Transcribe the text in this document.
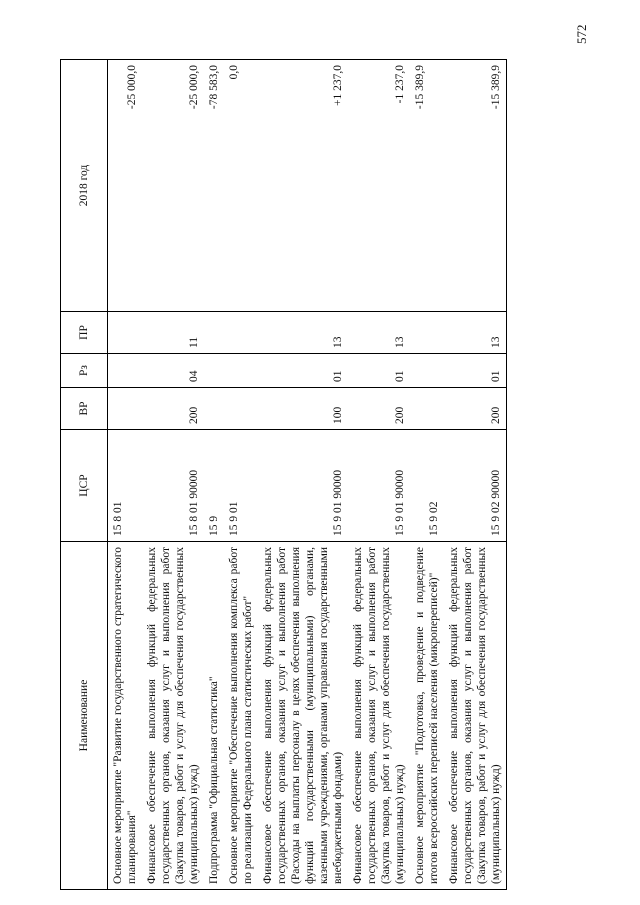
572
Наименование	ЦСР	ВР	Рз	ПР	2018 год
Основное мероприятие "Развитие государственного стратегического планирования"	15 8 01				-25 000,0
Финансовое обеспечение выполнения функций федеральных государственных органов, оказания услуг и выполнения работ (Закупка товаров, работ и услуг для обеспечения государственных (муниципальных) нужд)	15 8 01 90000	200	04	11	-25 000,0
Подпрограмма "Официальная статистика"	15 9				-78 583,0
Основное мероприятие "Обеспечение выполнения комплекса работ по реализации Федерального плана статистических работ"	15 9 01				0,0
Финансовое обеспечение выполнения функций федеральных государственных органов, оказания услуг и выполнения работ (Расходы на выплаты персоналу в целях обеспечения выполнения функций государственными (муниципальными) органами, казенными учреждениями, органами управления государственными внебюджетными фондами)	15 9 01 90000	100	01	13	+1 237,0
Финансовое обеспечение выполнения функций федеральных государственных органов, оказания услуг и выполнения работ (Закупка товаров, работ и услуг для обеспечения государственных (муниципальных) нужд)	15 9 01 90000	200	01	13	-1 237,0
Основное мероприятие "Подготовка, проведение и подведение итогов всероссийских переписей населения (микропереписей)"	15 9 02				-15 389,9
Финансовое обеспечение выполнения функций федеральных государственных органов, оказания услуг и выполнения работ (Закупка товаров, работ и услуг для обеспечения государственных (муниципальных) нужд)	15 9 02 90000	200	01	13	-15 389,9
